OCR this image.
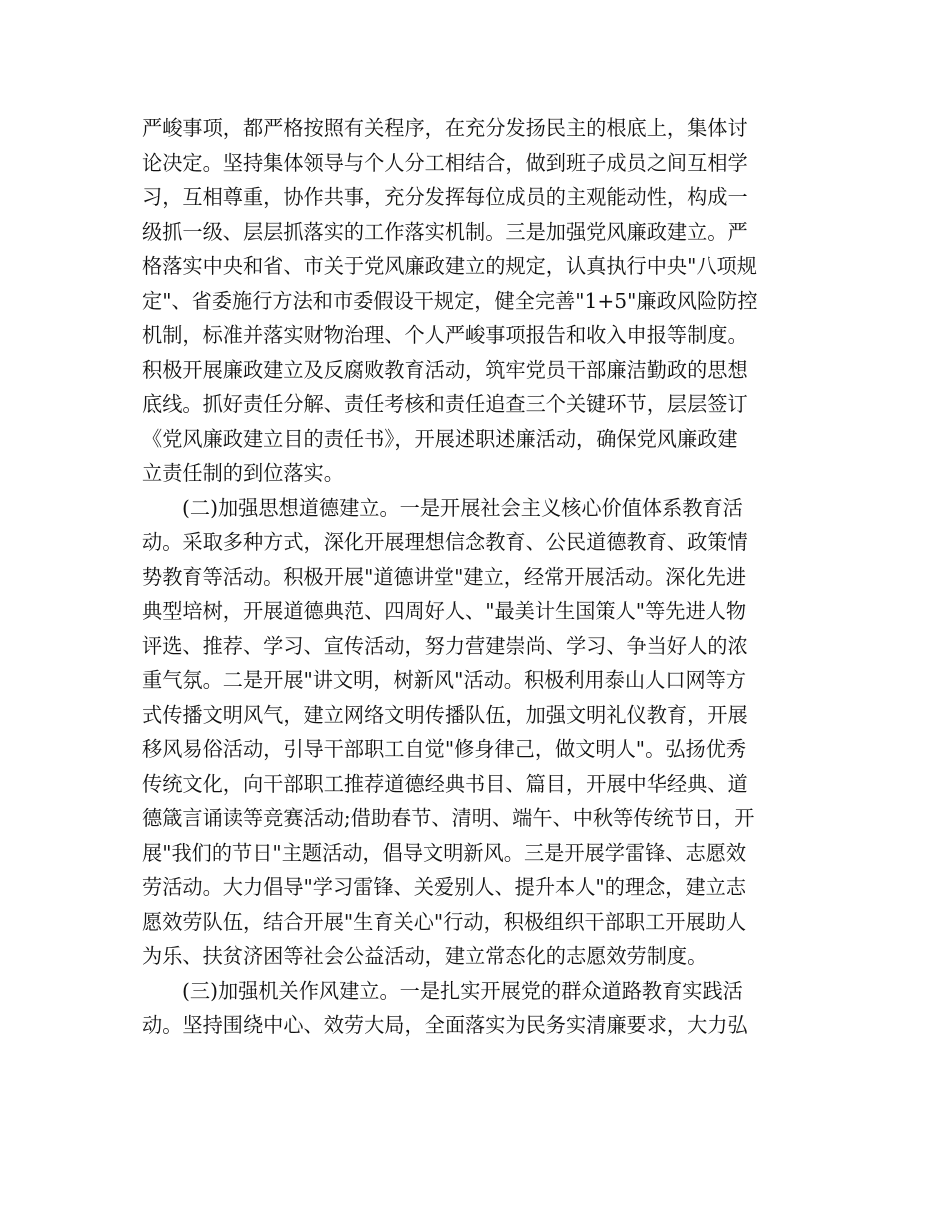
严峻事项，都严格按照有关程序，在充分发扬民主的根底上，集体讨
论决定。坚持集体领导与个人分工相结合，做到班子成员之间互相学
习，互相尊重，协作共事，充分发挥每位成员的主观能动性，构成一
级抓一级、层层抓落实的工作落实机制。三是加强党风廉政建立。严
格落实中央和省、市关于党风廉政建立的规定，认真执行中央"八项规
定"、省委施行方法和市委假设干规定，健全完善"1+5"廉政风险防控
机制，标准并落实财物治理、个人严峻事项报告和收入申报等制度。
积极开展廉政建立及反腐败教育活动，筑牢党员干部廉洁勤政的思想
底线。抓好责任分解、责任考核和责任追查三个关键环节，层层签订
《党风廉政建立目的责任书》，开展述职述廉活动，确保党风廉政建
立责任制的到位落实。
(二)加强思想道德建立。一是开展社会主义核心价值体系教育活
动。采取多种方式，深化开展理想信念教育、公民道德教育、政策情
势教育等活动。积极开展"道德讲堂"建立，经常开展活动。深化先进
典型培树，开展道德典范、四周好人、"最美计生国策人"等先进人物
评选、推荐、学习、宣传活动，努力营建崇尚、学习、争当好人的浓
重气氛。二是开展"讲文明，树新风"活动。积极利用泰山人口网等方
式传播文明风气，建立网络文明传播队伍，加强文明礼仪教育，开展
移风易俗活动，引导干部职工自觉"修身律己，做文明人"。弘扬优秀
传统文化，向干部职工推荐道德经典书目、篇目，开展中华经典、道
德箴言诵读等竞赛活动;借助春节、清明、端午、中秋等传统节日，开
展"我们的节日"主题活动，倡导文明新风。三是开展学雷锋、志愿效
劳活动。大力倡导"学习雷锋、关爱别人、提升本人"的理念，建立志
愿效劳队伍，结合开展"生育关心"行动，积极组织干部职工开展助人
为乐、扶贫济困等社会公益活动，建立常态化的志愿效劳制度。
(三)加强机关作风建立。一是扎实开展党的群众道路教育实践活
动。坚持围绕中心、效劳大局，全面落实为民务实清廉要求，大力弘
